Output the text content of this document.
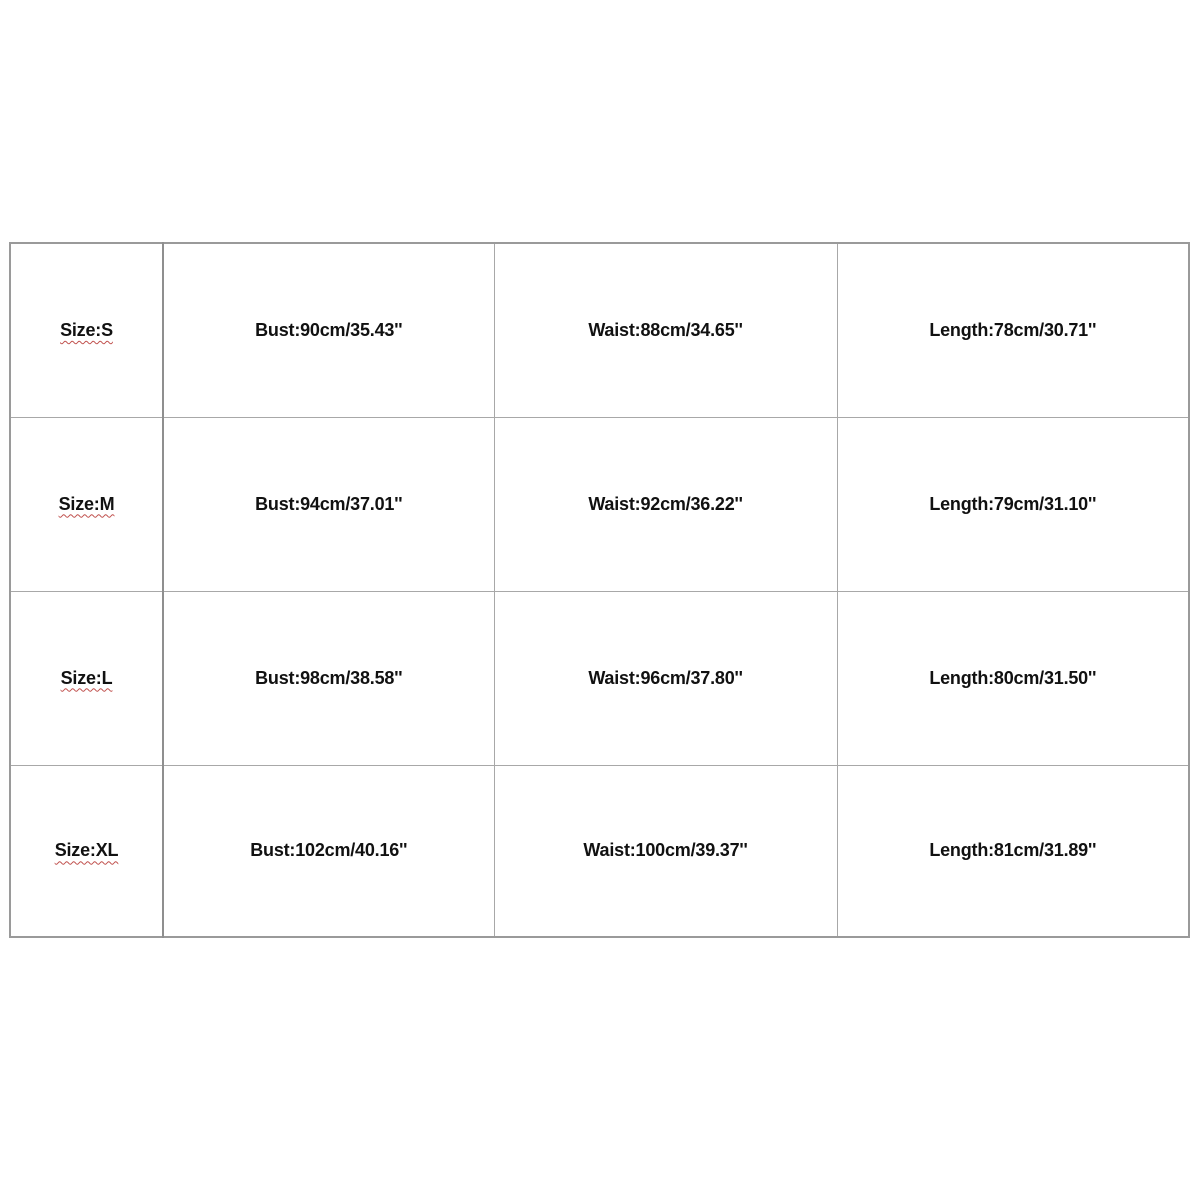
Size:S	Bust:90cm/35.43''	Waist:88cm/34.65''	Length:78cm/30.71''
Size:M	Bust:94cm/37.01''	Waist:92cm/36.22''	Length:79cm/31.10''
Size:L	Bust:98cm/38.58''	Waist:96cm/37.80''	Length:80cm/31.50''
Size:XL	Bust:102cm/40.16''	Waist:100cm/39.37''	Length:81cm/31.89''
